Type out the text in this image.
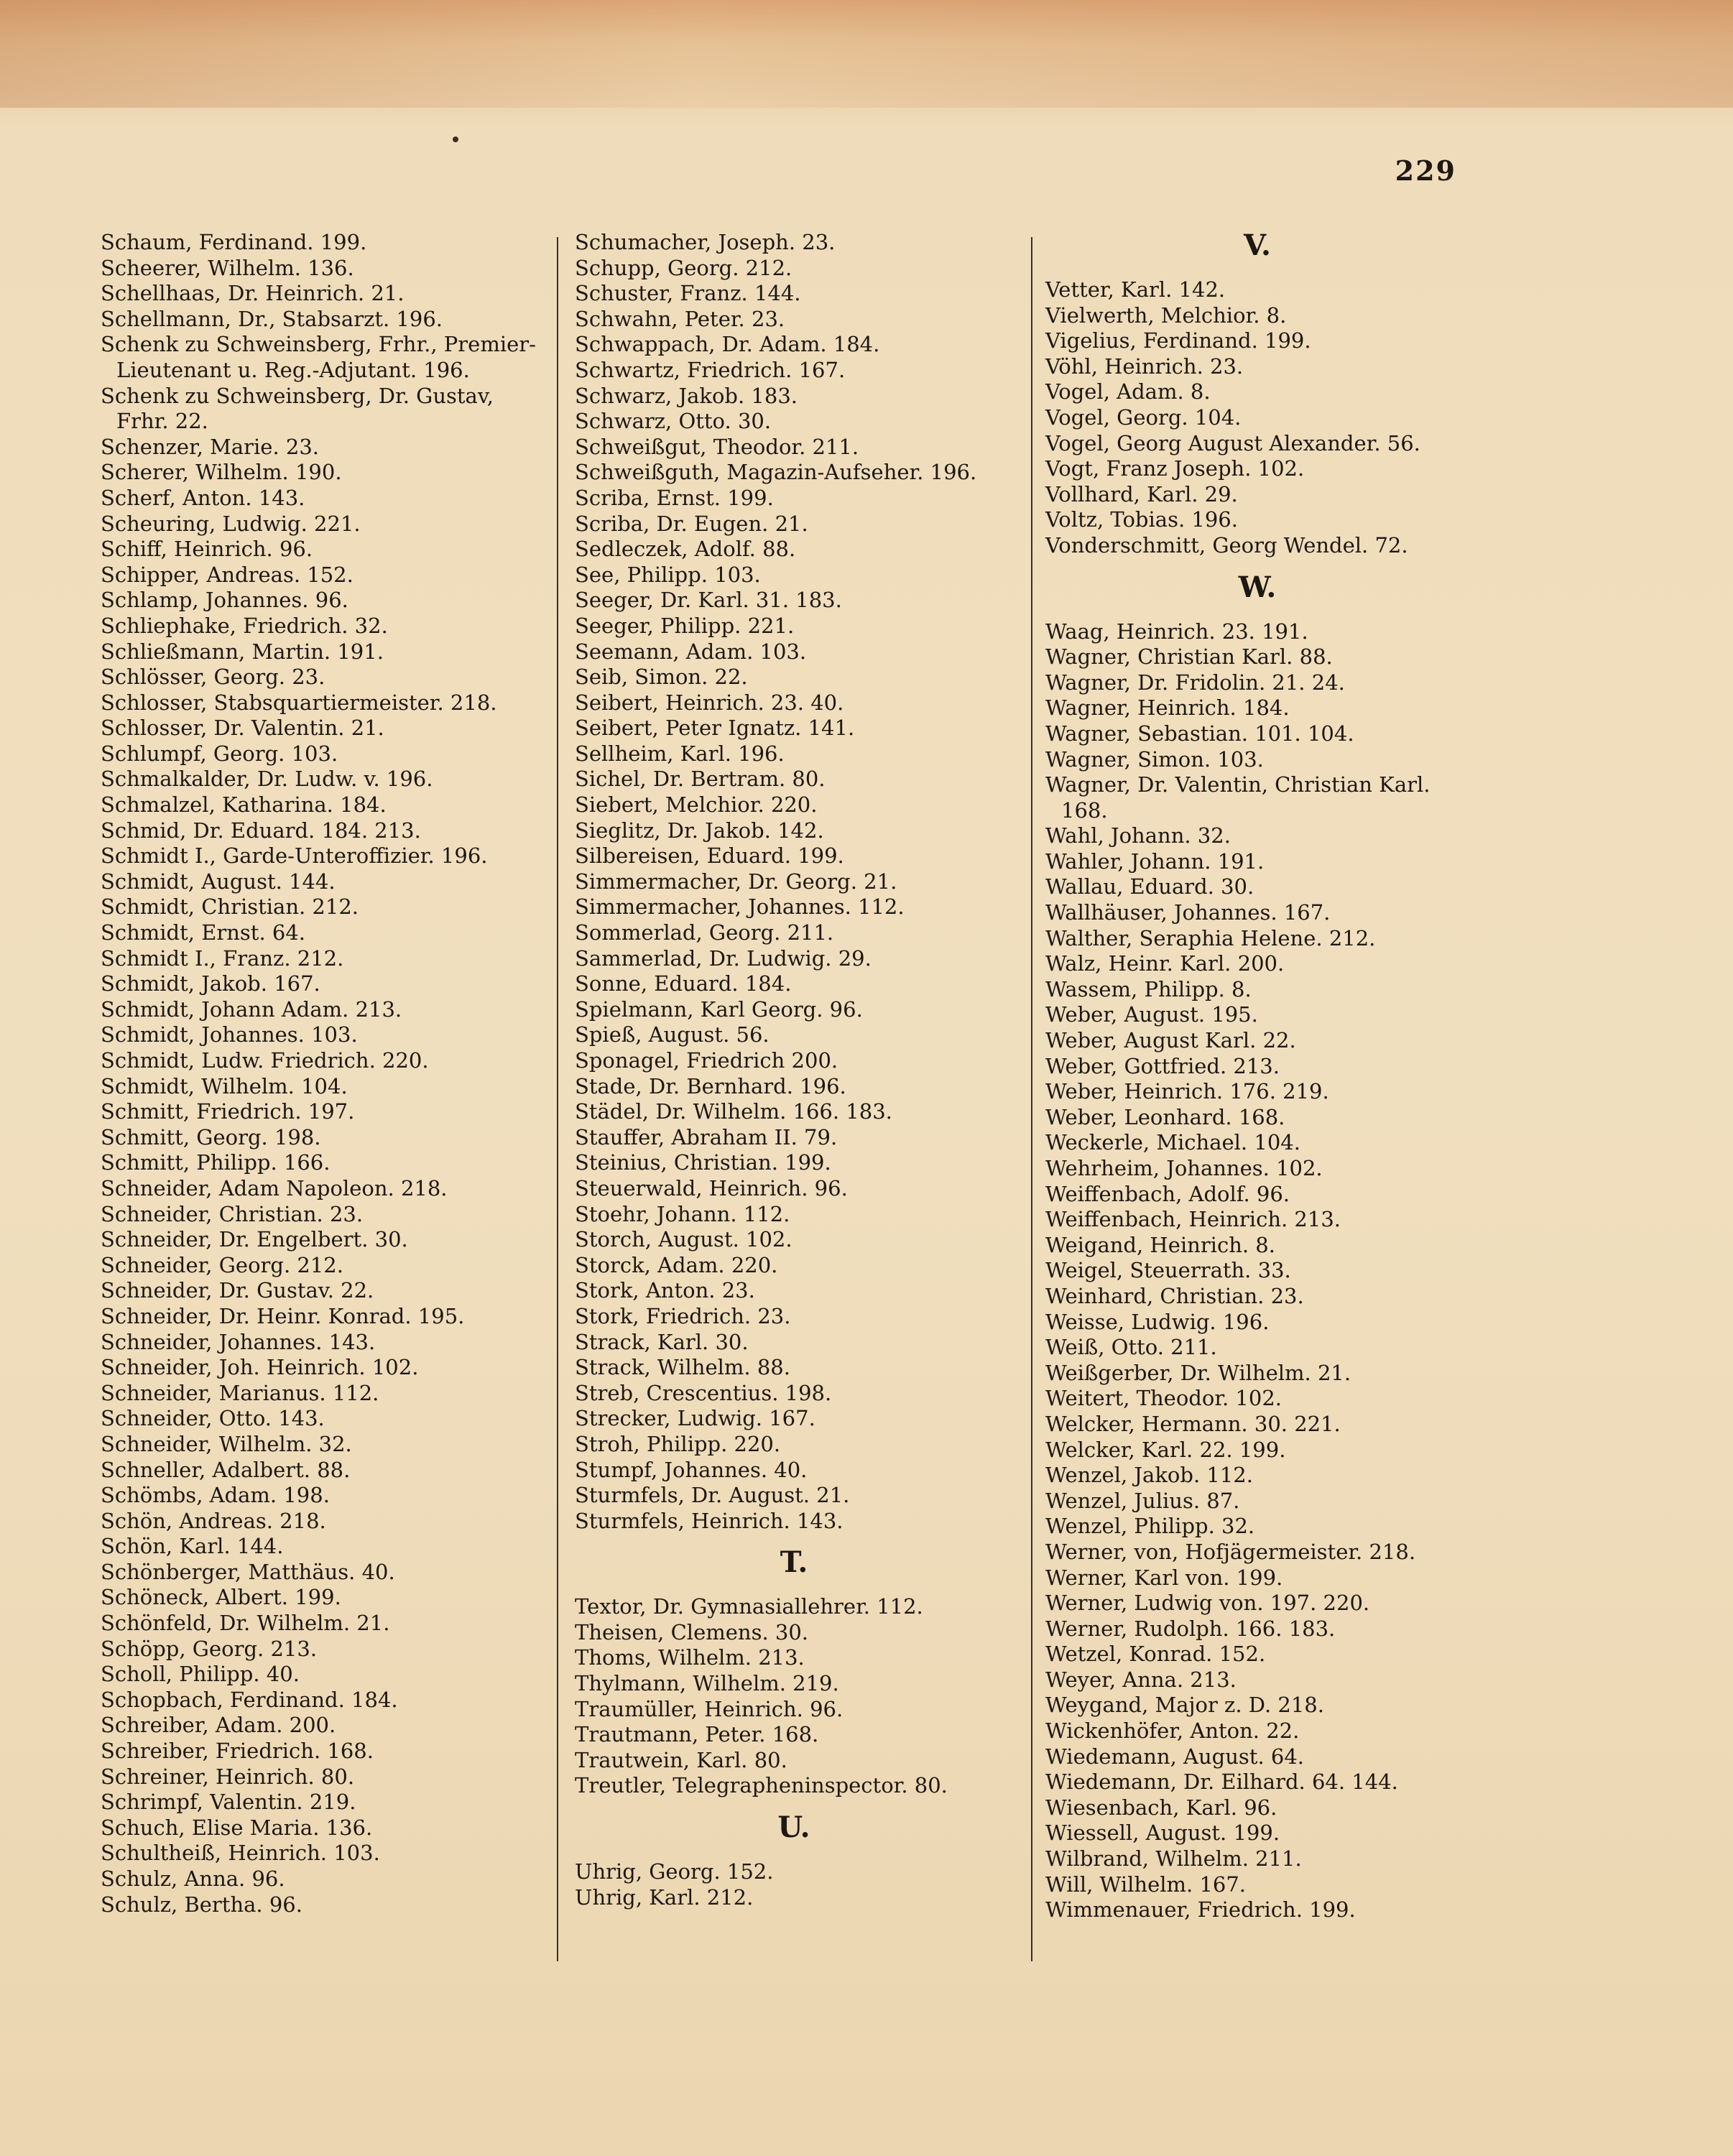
229

Schaum, Ferdinand. 199.

Scheerer, Wilhelm. 136.

Schellhaas, Dr. Heinrich. 21.

Schellmann, Dr., Stabsarzt. 196.

Schenk zu Schweinsberg, Frhr., Premier-Lieutenant u. Reg.-Adjutant. 196.

Schenk zu Schweinsberg, Dr. Gustav, Frhr. 22.

Schenzer, Marie. 23.

Scherer, Wilhelm. 190.

Scherf, Anton. 143.

Scheuring, Ludwig. 221.

Schiff, Heinrich. 96.

Schipper, Andreas. 152.

Schlamp, Johannes. 96.

Schliephake, Friedrich. 32.

Schließmann, Martin. 191.

Schlösser, Georg. 23.

Schlosser, Stabsquartiermeister. 218.

Schlosser, Dr. Valentin. 21.

Schlumpf, Georg. 103.

Schmalkalder, Dr. Ludw. v. 196.

Schmalzel, Katharina. 184.

Schmid, Dr. Eduard. 184. 213.

Schmidt I., Garde-Unteroffizier. 196.

Schmidt, August. 144.

Schmidt, Christian. 212.

Schmidt, Ernst. 64.

Schmidt I., Franz. 212.

Schmidt, Jakob. 167.

Schmidt, Johann Adam. 213.

Schmidt, Johannes. 103.

Schmidt, Ludw. Friedrich. 220.

Schmidt, Wilhelm. 104.

Schmitt, Friedrich. 197.

Schmitt, Georg. 198.

Schmitt, Philipp. 166.

Schneider, Adam Napoleon. 218.

Schneider, Christian. 23.

Schneider, Dr. Engelbert. 30.

Schneider, Georg. 212.

Schneider, Dr. Gustav. 22.

Schneider, Dr. Heinr. Konrad. 195.

Schneider, Johannes. 143.

Schneider, Joh. Heinrich. 102.

Schneider, Marianus. 112.

Schneider, Otto. 143.

Schneider, Wilhelm. 32.

Schneller, Adalbert. 88.

Schömbs, Adam. 198.

Schön, Andreas. 218.

Schön, Karl. 144.

Schönberger, Matthäus. 40.

Schöneck, Albert. 199.

Schönfeld, Dr. Wilhelm. 21.

Schöpp, Georg. 213.

Scholl, Philipp. 40.

Schopbach, Ferdinand. 184.

Schreiber, Adam. 200.

Schreiber, Friedrich. 168.

Schreiner, Heinrich. 80.

Schrimpf, Valentin. 219.

Schuch, Elise Maria. 136.

Schultheiß, Heinrich. 103.

Schulz, Anna. 96.

Schulz, Bertha. 96.

Schumacher, Joseph. 23.

Schupp, Georg. 212.

Schuster, Franz. 144.

Schwahn, Peter. 23.

Schwappach, Dr. Adam. 184.

Schwartz, Friedrich. 167.

Schwarz, Jakob. 183.

Schwarz, Otto. 30.

Schweißgut, Theodor. 211.

Schweißguth, Magazin-Aufseher. 196.

Scriba, Ernst. 199.

Scriba, Dr. Eugen. 21.

Sedleczek, Adolf. 88.

See, Philipp. 103.

Seeger, Dr. Karl. 31. 183.

Seeger, Philipp. 221.

Seemann, Adam. 103.

Seib, Simon. 22.

Seibert, Heinrich. 23. 40.

Seibert, Peter Ignatz. 141.

Sellheim, Karl. 196.

Sichel, Dr. Bertram. 80.

Siebert, Melchior. 220.

Sieglitz, Dr. Jakob. 142.

Silbereisen, Eduard. 199.

Simmermacher, Dr. Georg. 21.

Simmermacher, Johannes. 112.

Sommerlad, Georg. 211.

Sammerlad, Dr. Ludwig. 29.

Sonne, Eduard. 184.

Spielmann, Karl Georg. 96.

Spieß, August. 56.

Sponagel, Friedrich 200.

Stade, Dr. Bernhard. 196.

Städel, Dr. Wilhelm. 166. 183.

Stauffer, Abraham II. 79.

Steinius, Christian. 199.

Steuerwald, Heinrich. 96.

Stoehr, Johann. 112.

Storch, August. 102.

Storck, Adam. 220.

Stork, Anton. 23.

Stork, Friedrich. 23.

Strack, Karl. 30.

Strack, Wilhelm. 88.

Streb, Crescentius. 198.

Strecker, Ludwig. 167.

Stroh, Philipp. 220.

Stumpf, Johannes. 40.

Sturmfels, Dr. August. 21.

Sturmfels, Heinrich. 143.

T.

Textor, Dr. Gymnasiallehrer. 112.

Theisen, Clemens. 30.

Thoms, Wilhelm. 213.

Thylmann, Wilhelm. 219.

Traumüller, Heinrich. 96.

Trautmann, Peter. 168.

Trautwein, Karl. 80.

Treutler, Telegrapheninspector. 80.

U.

Uhrig, Georg. 152.

Uhrig, Karl. 212.

V.

Vetter, Karl. 142.

Vielwerth, Melchior. 8.

Vigelius, Ferdinand. 199.

Vöhl, Heinrich. 23.

Vogel, Adam. 8.

Vogel, Georg. 104.

Vogel, Georg August Alexander. 56.

Vogt, Franz Joseph. 102.

Vollhard, Karl. 29.

Voltz, Tobias. 196.

Vonderschmitt, Georg Wendel. 72.

W.

Waag, Heinrich. 23. 191.

Wagner, Christian Karl. 88.

Wagner, Dr. Fridolin. 21. 24.

Wagner, Heinrich. 184.

Wagner, Sebastian. 101. 104.

Wagner, Simon. 103.

Wagner, Dr. Valentin, Christian Karl. 168.

Wahl, Johann. 32.

Wahler, Johann. 191.

Wallau, Eduard. 30.

Wallhäuser, Johannes. 167.

Walther, Seraphia Helene. 212.

Walz, Heinr. Karl. 200.

Wassem, Philipp. 8.

Weber, August. 195.

Weber, August Karl. 22.

Weber, Gottfried. 213.

Weber, Heinrich. 176. 219.

Weber, Leonhard. 168.

Weckerle, Michael. 104.

Wehrheim, Johannes. 102.

Weiffenbach, Adolf. 96.

Weiffenbach, Heinrich. 213.

Weigand, Heinrich. 8.

Weigel, Steuerrath. 33.

Weinhard, Christian. 23.

Weisse, Ludwig. 196.

Weiß, Otto. 211.

Weißgerber, Dr. Wilhelm. 21.

Weitert, Theodor. 102.

Welcker, Hermann. 30. 221.

Welcker, Karl. 22. 199.

Wenzel, Jakob. 112.

Wenzel, Julius. 87.

Wenzel, Philipp. 32.

Werner, von, Hofjägermeister. 218.

Werner, Karl von. 199.

Werner, Ludwig von. 197. 220.

Werner, Rudolph. 166. 183.

Wetzel, Konrad. 152.

Weyer, Anna. 213.

Weygand, Major z. D. 218.

Wickenhöfer, Anton. 22.

Wiedemann, August. 64.

Wiedemann, Dr. Eilhard. 64. 144.

Wiesenbach, Karl. 96.

Wiessell, August. 199.

Wilbrand, Wilhelm. 211.

Will, Wilhelm. 167.

Wimmenauer, Friedrich. 199.
